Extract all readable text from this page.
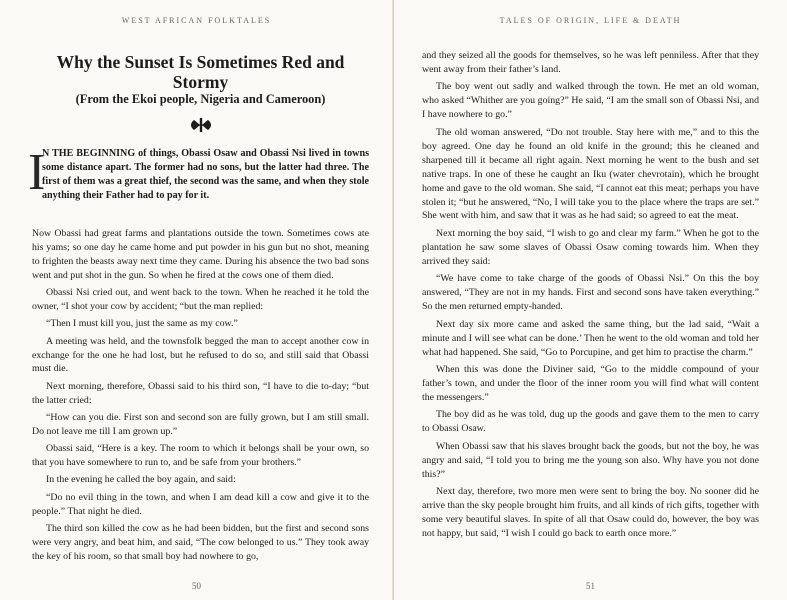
WEST AFRICAN FOLKTALES
Why the Sunset Is Sometimes Red and Stormy
(From the Ekoi people, Nigeria and Cameroon)
I
N THE BEGINNING of things, Obassi Osaw and Obassi Nsi lived in towns some distance apart. The former had no sons, but the latter had three. The first of them was a great thief, the second was the same, and when they stole anything their Father had to pay for it.

Now Obassi had great farms and plantations outside the town. Sometimes cows ate his yams; so one day he came home and put powder in his gun but no shot, meaning to frighten the beasts away next time they came. During his absence the two bad sons went and put shot in the gun. So when he fired at the cows one of them died.

Obassi Nsi cried out, and went back to the town. When he reached it he told the owner, “I shot your cow by accident; “but the man replied:

“Then I must kill you, just the same as my cow.”

A meeting was held, and the townsfolk begged the man to accept another cow in exchange for the one he had lost, but he refused to do so, and still said that Obassi must die.

Next morning, therefore, Obassi said to his third son, “I have to die to-day; “but the latter cried:

“How can you die. First son and second son are fully grown, but I am still small. Do not leave me till I am grown up.”

Obassi said, “Here is a key. The room to which it belongs shall be your own, so that you have somewhere to run to, and be safe from your brothers.”

In the evening he called the boy again, and said:

“Do no evil thing in the town, and when I am dead kill a cow and give it to the people.” That night he died.

The third son killed the cow as he had been bidden, but the first and second sons were very angry, and beat him, and said, “The cow belonged to us.” They took away the key of his room, so that small boy had nowhere to go,

50
TALES OF ORIGIN, LIFE & DEATH

and they seized all the goods for themselves, so he was left penniless. After that they went away from their father’s land.

The boy went out sadly and walked through the town. He met an old woman, who asked “Whither are you going?” He said, “I am the small son of Obassi Nsi, and I have nowhere to go.”

The old woman answered, “Do not trouble. Stay here with me,” and to this the boy agreed. One day he found an old knife in the ground; this he cleaned and sharpened till it became all right again. Next morning he went to the bush and set native traps. In one of these he caught an Iku (water chevrotain), which he brought home and gave to the old woman. She said, “I cannot eat this meat; perhaps you have stolen it; “but he answered, “No, I will take you to the place where the traps are set.” She went with him, and saw that it was as he had said; so agreed to eat the meat.

Next morning the boy said, “I wish to go and clear my farm.” When he got to the plantation he saw some slaves of Obassi Osaw coming towards him. When they arrived they said:

“We have come to take charge of the goods of Obassi Nsi.” On this the boy answered, “They are not in my hands. First and second sons have taken everything.” So the men returned empty-handed.

Next day six more came and asked the same thing, but the lad said, “Wait a minute and I will see what can be done.’ Then he went to the old woman and told her what had happened. She said, “Go to Porcupine, and get him to practise the charm.”

When this was done the Diviner said, “Go to the middle compound of your father’s town, and under the floor of the inner room you will find what will content the messengers.”

The boy did as he was told, dug up the goods and gave them to the men to carry to Obassi Osaw.

When Obassi saw that his slaves brought back the goods, but not the boy, he was angry and said, “I told you to bring me the young son also. Why have you not done this?”

Next day, therefore, two more men were sent to bring the boy. No sooner did he arrive than the sky people brought him fruits, and all kinds of rich gifts, together with some very beautiful slaves. In spite of all that Osaw could do, however, the boy was not happy, but said, “I wish I could go back to earth once more.”

51
